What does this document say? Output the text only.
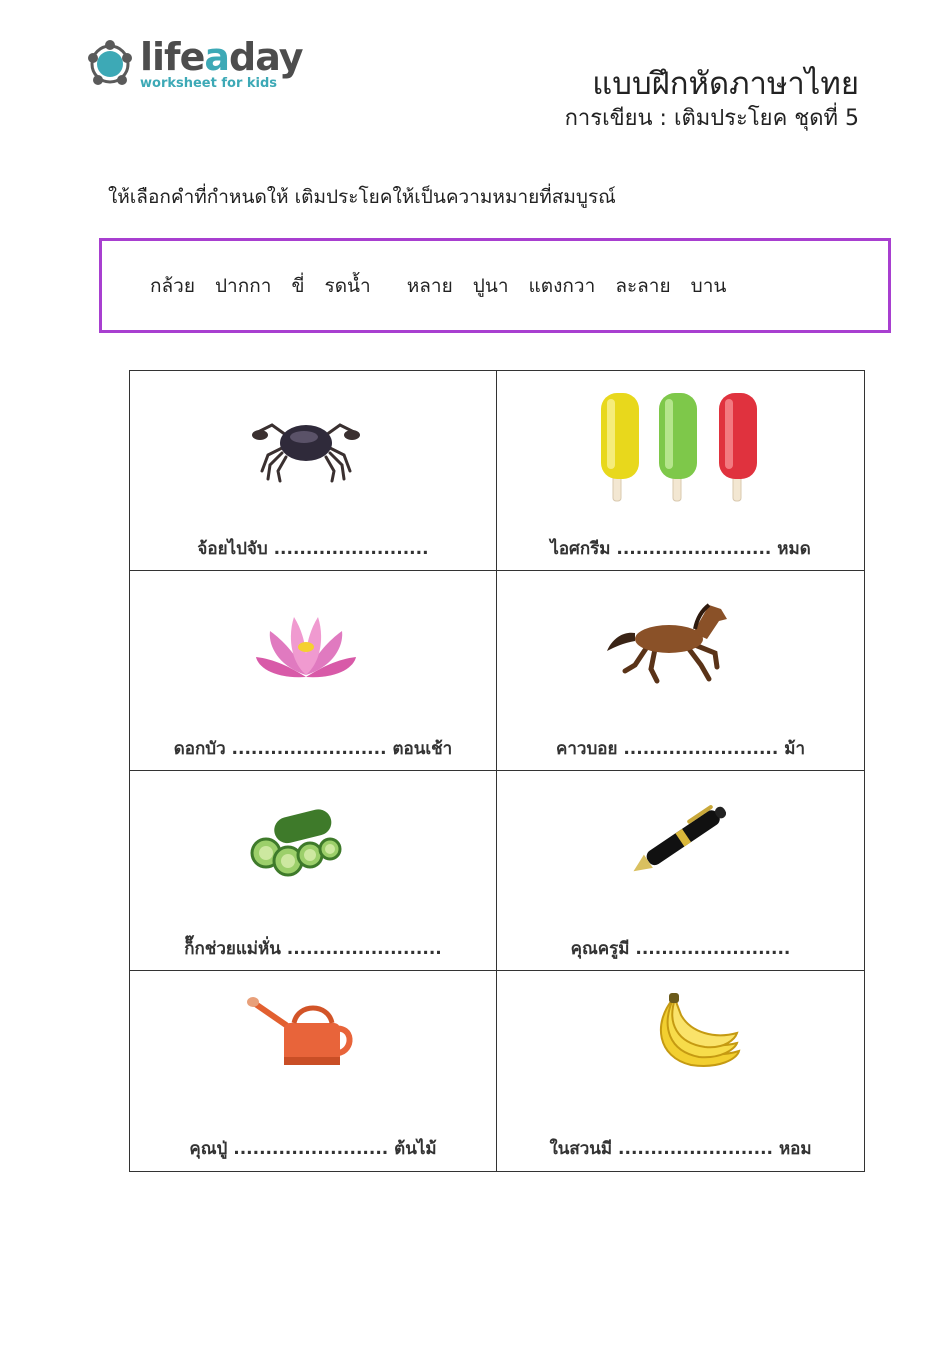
lifeaday
worksheet for kids	แบบฝึกหัดภาษาไทย
การเขียน : เติมประโยค ชุดที่ 5
ให้เลือกคำที่กำหนดให้ เติมประโยคให้เป็นความหมายที่สมบูรณ์
กล้วย ปากกา ขี่ รดน้ำ หลาย ปูนา แตงกวา ละลาย บาน
จ้อยไปจับ ........................	ไอศกรีม ........................ หมด
ดอกบัว ........................ ตอนเช้า	คาวบอย ........................ ม้า
ก็๊กช่วยแม่หั่น ........................	คุณครูมี ........................
คุณปู่ ........................ ต้นไม้	ในสวนมี ........................ หอม
